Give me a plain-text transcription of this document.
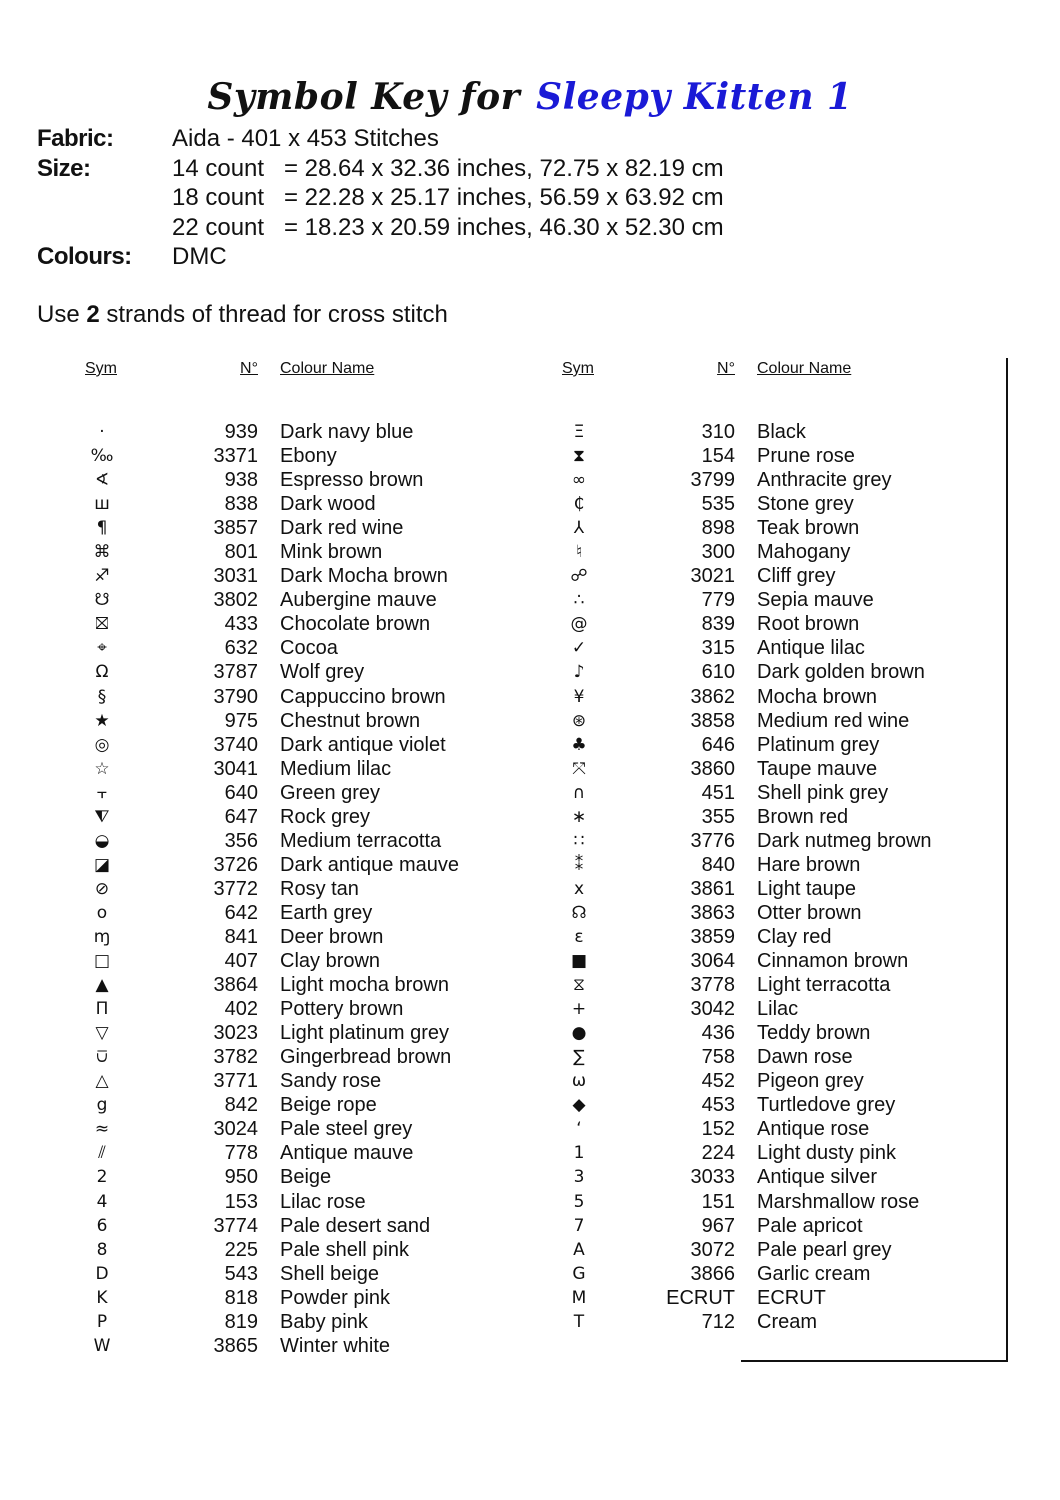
Symbol Key for Sleepy Kitten 1
Fabric:	Aida - 401 x 453 Stitches
Size:	14 count = 28.64 x 32.36 inches, 72.75 x 82.19 cm
18 count = 22.28 x 25.17 inches, 56.59 x 63.92 cm
22 count = 18.23 x 20.59 inches, 46.30 x 52.30 cm
Colours:	DMC
Use 2 strands of thread for cross stitch
Sym	N° Colour Name
·	939 Dark navy blue
‰	3371 Ebony
∢	938 Espresso brown
ш	838 Dark wood
¶	3857 Dark red wine
⌘	801 Mink brown
♐	3031 Dark Mocha brown
☋	3802 Aubergine mauve
⛝	433 Chocolate brown
⌖	632 Cocoa
Ω	3787 Wolf grey
§	3790 Cappuccino brown
★	975 Chestnut brown
◎	3740 Dark antique violet
☆	3041 Medium lilac
⫟	640 Green grey
⧨	647 Rock grey
◒	356 Medium terracotta
◪	3726 Dark antique mauve
⊘	3772 Rosy tan
o	642 Earth grey
ɱ	841 Deer brown
□	407 Clay brown
▲	3864 Light mocha brown
Π	402 Pottery brown
▽	3023 Light platinum grey
⩂	3782 Gingerbread brown
△	3771 Sandy rose
g	842 Beige rope
≈	3024 Pale steel grey
⫽	778 Antique mauve
2	950 Beige
4	153 Lilac rose
6	3774 Pale desert sand
8	225 Pale shell pink
D	543 Shell beige
K	818 Powder pink
P	819 Baby pink
W	3865 Winter white
Sym	N° Colour Name
Ξ	310 Black
⧗	154 Prune rose
∞	3799 Anthracite grey
₵	535 Stone grey
⅄	898 Teak brown
♮	300 Mahogany
☍	3021 Cliff grey
∴	779 Sepia mauve
@	839 Root brown
✓	315 Antique lilac
♪	610 Dark golden brown
¥	3862 Mocha brown
⊛	3858 Medium red wine
♣	646 Platinum grey
⤧	3860 Taupe mauve
∩	451 Shell pink grey
∗	355 Brown red
∷	3776 Dark nutmeg brown
⁑	840 Hare brown
x	3861 Light taupe
☊	3863 Otter brown
ε	3859 Clay red
■	3064 Cinnamon brown
⧖	3778 Light terracotta
+	3042 Lilac
●	436 Teddy brown
∑	758 Dawn rose
ω	452 Pigeon grey
◆	453 Turtledove grey
‘	152 Antique rose
1	224 Light dusty pink
3	3033 Antique silver
5	151 Marshmallow rose
7	967 Pale apricot
A	3072 Pale pearl grey
G	3866 Garlic cream
M	ECRUT ECRUT
T	712 Cream
